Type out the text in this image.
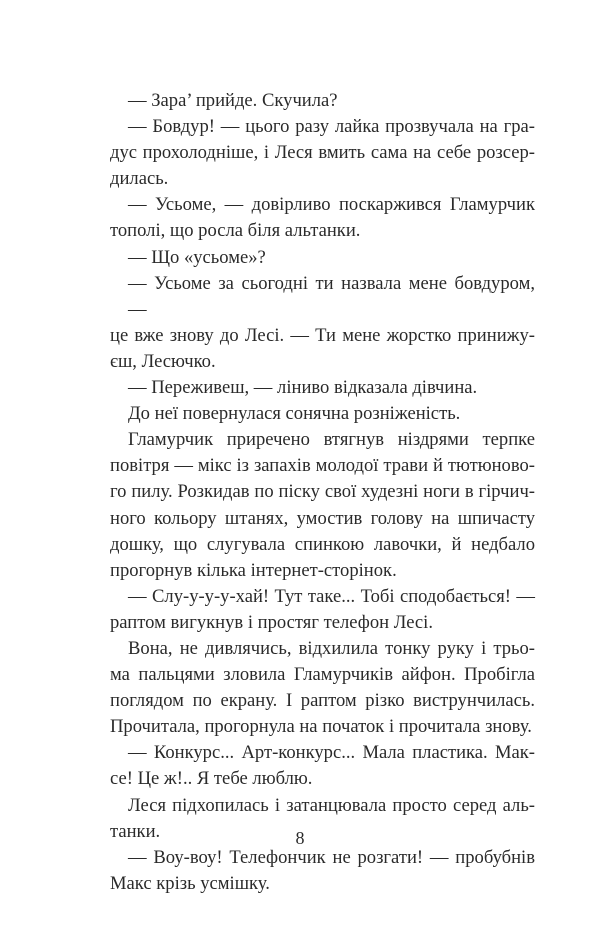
— Зара’ прийде. Скучила?
— Бовдур! — цього разу лайка прозвучала на гра-
дус прохолодніше, і Леся вмить сама на себе розсер-
дилась.
— Усьоме, — довірливо поскаржився Гламурчик
тополі, що росла біля альтанки.
— Що «усьоме»?
— Усьоме за сьогодні ти назвала мене бовдуром, —
це вже знову до Лесі. — Ти мене жорстко принижу-
єш, Лесючко.
— Переживеш, — ліниво відказала дівчина.
До неї повернулася сонячна розніженість.
Гламурчик приречено втягнув ніздрями терпке
повітря — мікс із запахів молодої трави й тютюново-
го пилу. Розкидав по піску свої худезні ноги в гірчич-
ного кольору штанях, умостив голову на шпичасту
дошку, що слугувала спинкою лавочки, й недбало
прогорнув кілька інтернет-сторінок.
— Слу-у-у-у-хай! Тут таке... Тобі сподобається! —
раптом вигукнув і простяг телефон Лесі.
Вона, не дивлячись, відхилила тонку руку і трьо-
ма пальцями зловила Гламурчиків айфон. Пробігла
поглядом по екрану. І раптом різко виструнчилась.
Прочитала, прогорнула на початок і прочитала знову.
— Конкурс... Арт-конкурс... Мала пластика. Мак-
се! Це ж!.. Я тебе люблю.
Леся підхопилась і затанцювала просто серед аль-
танки.
— Воу-воу! Телефончик не розгати! — пробубнів
Макс крізь усмішку.
8
